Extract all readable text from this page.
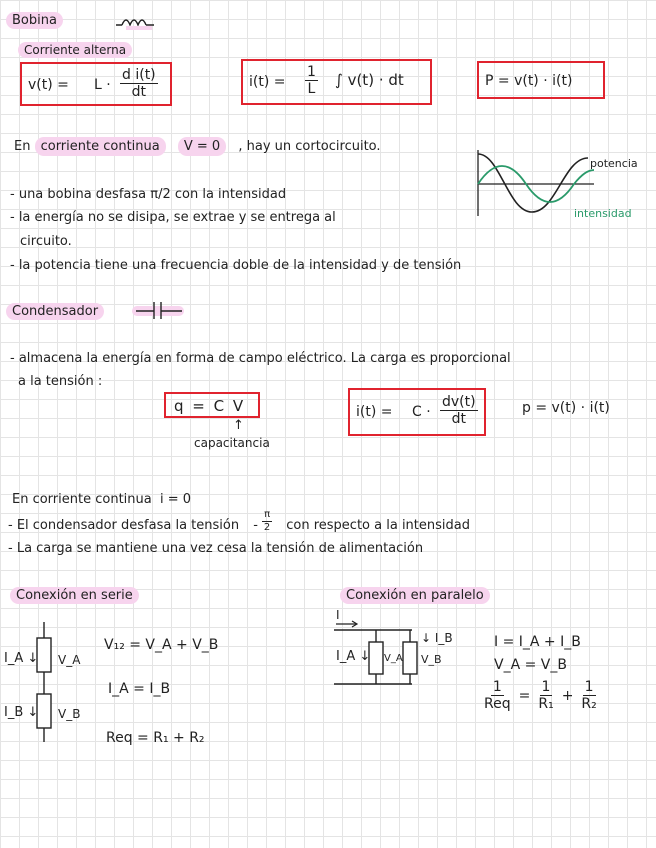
Bobina
Corriente alterna
$v(t) = L \cdot \frac{\text{d i(t)}}{dt}$	$i(t) = \frac{1}{L}$ ∫ v(t) · dt	P = v(t) · i(t)
En corriente continua V = 0 , hay un cortocircuito.
- una bobina desfasa π/2 con la intensidad
- la energía no se disipa, se extrae y se entrega al
circuito.
- la potencia tiene una frecuencia doble de la intensidad y de tensión
potencia
intensidad
Condensador
- almacena la energía en forma de campo eléctrico. La carga es proporcional
a la tensión :
q = C V
↑
capacitancia
$i(t) = C \cdot \frac{dv(t)}{dt}$	p = v(t) · i(t)
En corriente continua  i = 0
- El condensador desfasa la tensión - $\frac{\pi}{2}$ con respecto a la intensidad
- La carga se mantiene una vez cesa la tensión de alimentación
Conexión en serie
I_A ↓
I_B ↓
V_A
V_B
V₁₂ = V_A + V_B
I_A = I_B
Req = R₁ + R₂
Conexión en paralelo
I
I_A ↓
↓ I_B
V_A V_B
I = I_A + I_B
V_A = V_B
$\frac{1}{\text{Req}} = \frac{1}{\text{R₁}} + \frac{1}{\text{R₂}}$
